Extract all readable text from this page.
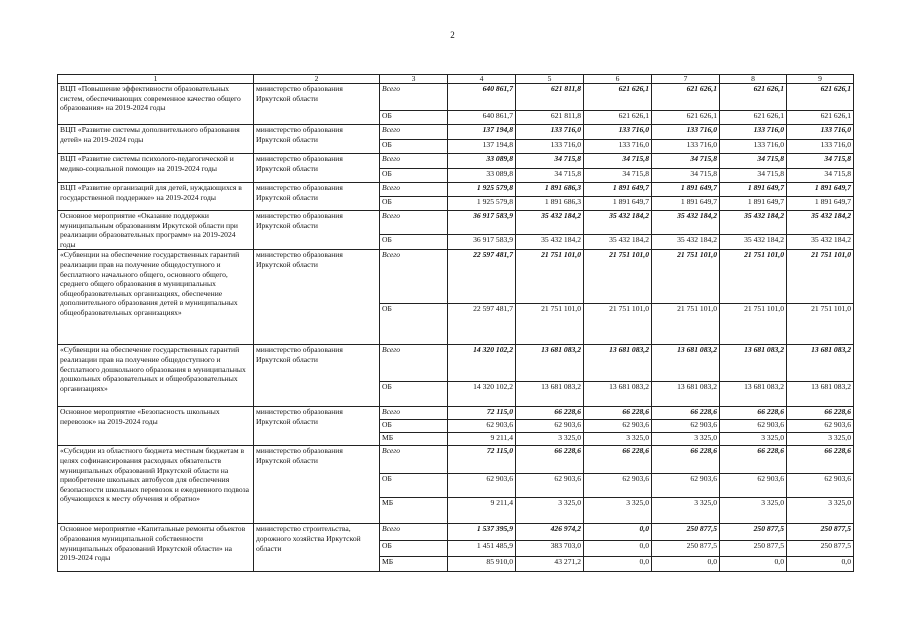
2
1	2	3	4	5	6	7	8	9
ВЦП «Повышение эффективности образовательных систем, обеспечивающих современное качество общего образования» на 2019-2024 годы	министерство образования Иркутской области	Всего	640 861,7	621 811,8	621 626,1	621 626,1	621 626,1	621 626,1
		ОБ	640 861,7	621 811,8	621 626,1	621 626,1	621 626,1	621 626,1
ВЦП «Развитие системы дополнительного образования детей» на 2019-2024 годы	министерство образования Иркутской области	Всего	137 194,8	133 716,0	133 716,0	133 716,0	133 716,0	133 716,0
		ОБ	137 194,8	133 716,0	133 716,0	133 716,0	133 716,0	133 716,0
ВЦП «Развитие системы психолого-педагогической и медико-социальной помощи» на 2019-2024 годы	министерство образования Иркутской области	Всего	33 089,8	34 715,8	34 715,8	34 715,8	34 715,8	34 715,8
		ОБ	33 089,8	34 715,8	34 715,8	34 715,8	34 715,8	34 715,8
ВЦП «Развитие организаций для детей, нуждающихся в государственной поддержке» на 2019-2024 годы	министерство образования Иркутской области	Всего	1 925 579,8	1 891 686,3	1 891 649,7	1 891 649,7	1 891 649,7	1 891 649,7
		ОБ	1 925 579,8	1 891 686,3	1 891 649,7	1 891 649,7	1 891 649,7	1 891 649,7
Основное мероприятие «Оказание поддержки муниципальным образованиям Иркутской области при реализации образовательных программ» на 2019-2024 годы	министерство образования Иркутской области	Всего	36 917 583,9	35 432 184,2	35 432 184,2	35 432 184,2	35 432 184,2	35 432 184,2
		ОБ	36 917 583,9	35 432 184,2	35 432 184,2	35 432 184,2	35 432 184,2	35 432 184,2
«Субвенции на обеспечение государственных гарантий реализации прав на получение общедоступного и бесплатного начального общего, основного общего, среднего общего образования в муниципальных общеобразовательных организациях, обеспечение дополнительного образования детей в муниципальных общеобразовательных организациях»	министерство образования Иркутской области	Всего	22 597 481,7	21 751 101,0	21 751 101,0	21 751 101,0	21 751 101,0	21 751 101,0
		ОБ	22 597 481,7	21 751 101,0	21 751 101,0	21 751 101,0	21 751 101,0	21 751 101,0
«Субвенции на обеспечение государственных гарантий реализации прав на получение общедоступного и бесплатного дошкольного образования в муниципальных дошкольных образовательных и общеобразовательных организациях»	министерство образования Иркутской области	Всего	14 320 102,2	13 681 083,2	13 681 083,2	13 681 083,2	13 681 083,2	13 681 083,2
		ОБ	14 320 102,2	13 681 083,2	13 681 083,2	13 681 083,2	13 681 083,2	13 681 083,2
Основное мероприятие «Безопасность школьных перевозок» на 2019-2024 годы	министерство образования Иркутской области	Всего	72 115,0	66 228,6	66 228,6	66 228,6	66 228,6	66 228,6
		ОБ	62 903,6	62 903,6	62 903,6	62 903,6	62 903,6	62 903,6
		МБ	9 211,4	3 325,0	3 325,0	3 325,0	3 325,0	3 325,0
«Субсидии из областного бюджета местным бюджетам в целях софинансирования расходных обязательств муниципальных образований Иркутской области на приобретение школьных автобусов для обеспечения безопасности школьных перевозок и ежедневного подвоза обучающихся к месту обучения и обратно»	министерство образования Иркутской области	Всего	72 115,0	66 228,6	66 228,6	66 228,6	66 228,6	66 228,6
		ОБ	62 903,6	62 903,6	62 903,6	62 903,6	62 903,6	62 903,6
		МБ	9 211,4	3 325,0	3 325,0	3 325,0	3 325,0	3 325,0
Основное мероприятие «Капитальные ремонты объектов образования муниципальной собственности муниципальных образований Иркутской области» на 2019-2024 годы	министерство строительства, дорожного хозяйства Иркутской области	Всего	1 537 395,9	426 974,2	0,0	250 877,5	250 877,5	250 877,5
		ОБ	1 451 485,9	383 703,0	0,0	250 877,5	250 877,5	250 877,5
		МБ	85 910,0	43 271,2	0,0	0,0	0,0	0,0
